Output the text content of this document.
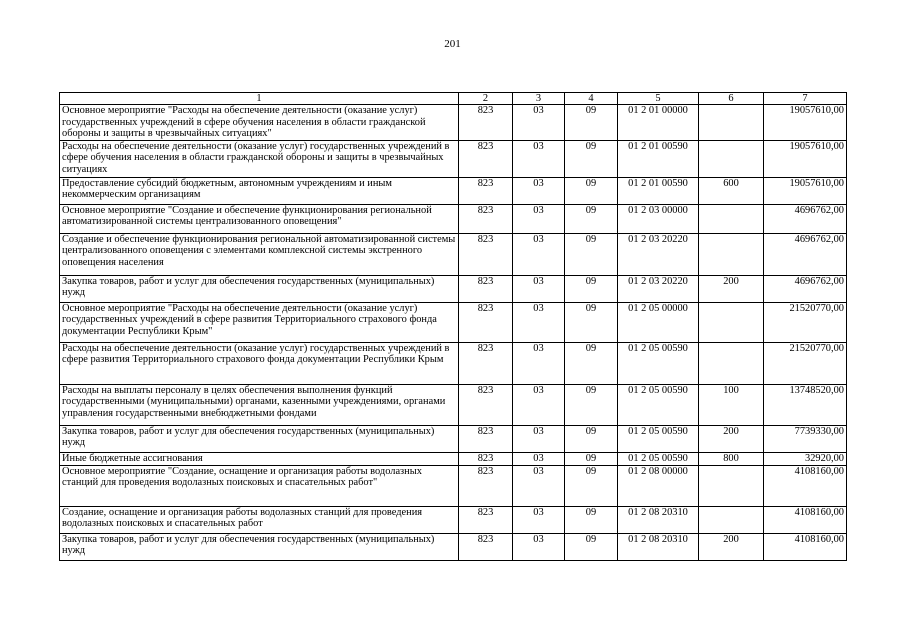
201
1	2	3	4	5	6	7
Основное мероприятие "Расходы на обеспечение деятельности (оказание услуг) государственных учреждений в сфере обучения населения в области гражданской обороны и защиты в чрезвычайных ситуациях"	823	03	09	01 2 01 00000		19057610,00
Расходы на обеспечение деятельности (оказание услуг) государственных учреждений в сфере обучения населения в области гражданской обороны и защиты в чрезвычайных ситуациях	823	03	09	01 2 01 00590		19057610,00
Предоставление субсидий бюджетным, автономным учреждениям и иным некоммерческим организациям	823	03	09	01 2 01 00590	600	19057610,00
Основное мероприятие "Создание и обеспечение функционирования региональной автоматизированной системы централизованного оповещения"	823	03	09	01 2 03 00000		4696762,00
Создание и обеспечение функционирования региональной автоматизированной системы централизованного оповещения с элементами комплексной системы экстренного оповещения населения	823	03	09	01 2 03 20220		4696762,00
Закупка товаров, работ и услуг для обеспечения государственных (муниципальных) нужд	823	03	09	01 2 03 20220	200	4696762,00
Основное мероприятие "Расходы на обеспечение деятельности (оказание услуг) государственных учреждений в сфере развития Территориального страхового фонда документации Республики Крым"	823	03	09	01 2 05 00000		21520770,00
Расходы на обеспечение деятельности (оказание услуг) государственных учреждений в сфере развития Территориального страхового фонда документации Республики Крым	823	03	09	01 2 05 00590		21520770,00
Расходы на выплаты персоналу в целях обеспечения выполнения функций государственными (муниципальными) органами, казенными учреждениями, органами управления государственными внебюджетными фондами	823	03	09	01 2 05 00590	100	13748520,00
Закупка товаров, работ и услуг для обеспечения государственных (муниципальных) нужд	823	03	09	01 2 05 00590	200	7739330,00
Иные бюджетные ассигнования	823	03	09	01 2 05 00590	800	32920,00
Основное мероприятие "Создание, оснащение и организация работы водолазных станций для проведения водолазных поисковых и спасательных работ"	823	03	09	01 2 08 00000		4108160,00
Создание, оснащение и организация работы водолазных станций для проведения водолазных поисковых и спасательных работ	823	03	09	01 2 08 20310		4108160,00
Закупка товаров, работ и услуг для обеспечения государственных (муниципальных) нужд	823	03	09	01 2 08 20310	200	4108160,00
